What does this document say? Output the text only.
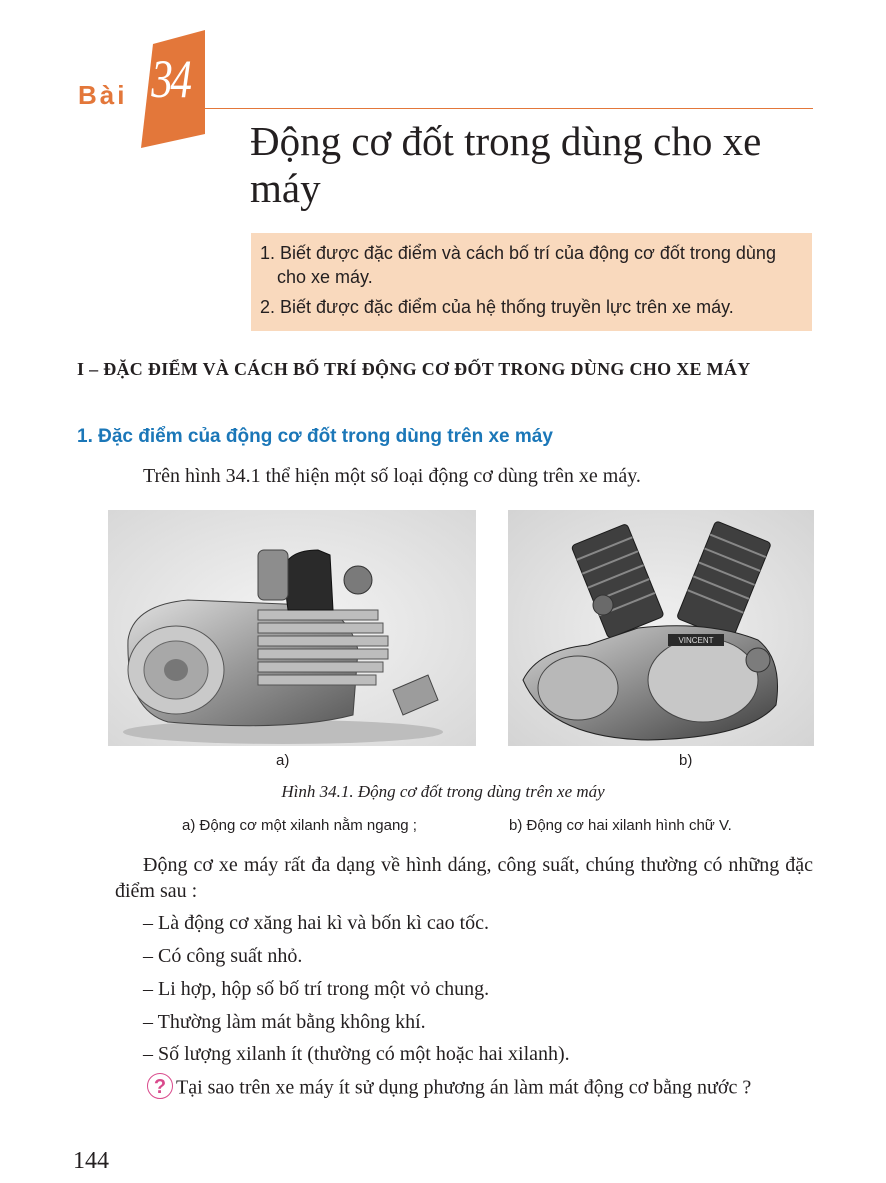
Bài 34
Động cơ đốt trong dùng cho xe máy
1. Biết được đặc điểm và cách bố trí của động cơ đốt trong dùng cho xe máy.
2. Biết được đặc điểm của hệ thống truyền lực trên xe máy.
I – ĐẶC ĐIỂM VÀ CÁCH BỐ TRÍ ĐỘNG CƠ ĐỐT TRONG DÙNG CHO XE MÁY
1. Đặc điểm của động cơ đốt trong dùng trên xe máy
Trên hình 34.1 thể hiện một số loại động cơ dùng trên xe máy.
VINCENT
a)	b)
Hình 34.1. Động cơ đốt trong dùng trên xe máy
a) Động cơ một xilanh nằm ngang ;	b) Động cơ hai xilanh hình chữ V.
Động cơ xe máy rất đa dạng về hình dáng, công suất, chúng thường có những đặc điểm sau :
– Là động cơ xăng hai kì và bốn kì cao tốc.
– Có công suất nhỏ.
– Li hợp, hộp số bố trí trong một vỏ chung.
– Thường làm mát bằng không khí.
– Số lượng xilanh ít (thường có một hoặc hai xilanh).
? Tại sao trên xe máy ít sử dụng phương án làm mát động cơ bằng nước ?
144
